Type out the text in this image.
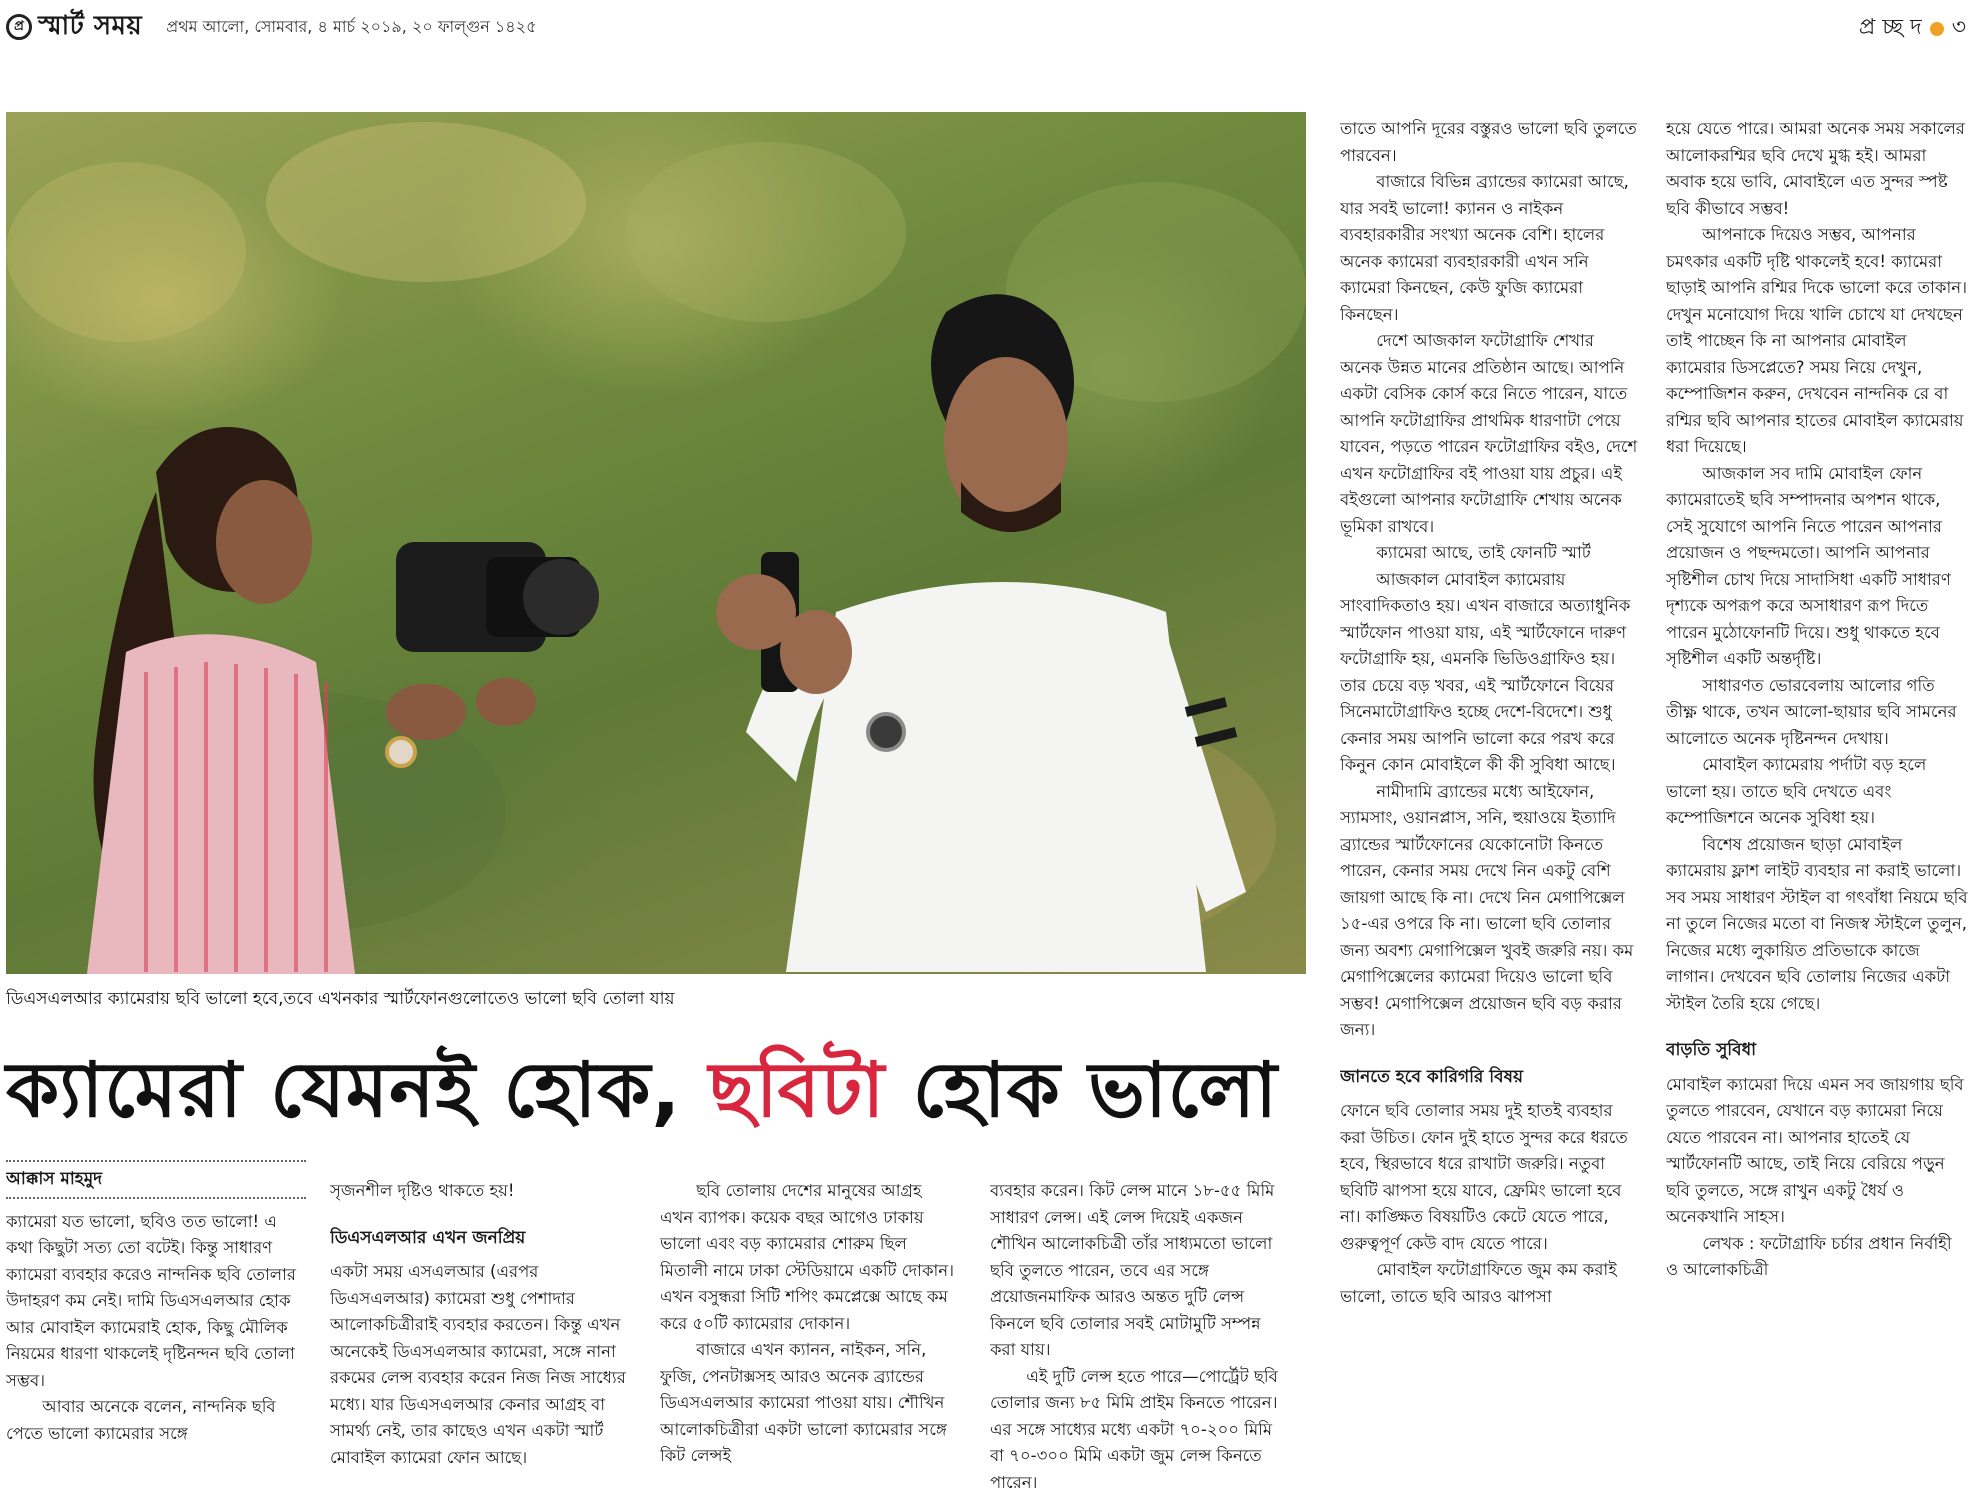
প্র স্মার্ট সময় প্রথম আলো, সোমবার, ৪ মার্চ ২০১৯, ২০ ফাল্গুন ১৪২৫	প্র চ্ছ দ ৩
ডিএসএলআর ক্যামেরায় ছবি ভালো হবে,তবে এখনকার স্মার্টফোনগুলোতেও ভালো ছবি তোলা যায়
ক্যামেরা যেমনই হোক, ছবিটা হোক ভালো
আক্কাস মাহমুদ

ক্যামেরা যত ভালো, ছবিও তত ভালো! এ কথা কিছুটা সত্য তো বটেই। কিন্তু সাধারণ ক্যামেরা ব্যবহার করেও নান্দনিক ছবি তোলার উদাহরণ কম নেই। দামি ডিএসএলআর হোক আর মোবাইল ক্যামেরাই হোক, কিছু মৌলিক নিয়মের ধারণা থাকলেই দৃষ্টিনন্দন ছবি তোলা সম্ভব।

আবার অনেকে বলেন, নান্দনিক ছবি পেতে ভালো ক্যামেরার সঙ্গে

সৃজনশীল দৃষ্টিও থাকতে হয়!

ডিএসএলআর এখন জনপ্রিয়

একটা সময় এসএলআর (এরপর ডিএসএলআর) ক্যামেরা শুধু পেশাদার আলোকচিত্রীরাই ব্যবহার করতেন। কিন্তু এখন অনেকেই ডিএসএলআর ক্যামেরা, সঙ্গে নানা রকমের লেন্স ব্যবহার করেন নিজ নিজ সাধ্যের মধ্যে। যার ডিএসএলআর কেনার আগ্রহ বা সামর্থ্য নেই, তার কাছেও এখন একটা স্মার্ট মোবাইল ক্যামেরা ফোন আছে।

ছবি তোলায় দেশের মানুষের আগ্রহ এখন ব্যাপক। কয়েক বছর আগেও ঢাকায় ভালো এবং বড় ক্যামেরার শোরুম ছিল মিতালী নামে ঢাকা স্টেডিয়ামে একটি দোকান। এখন বসুন্ধরা সিটি শপিং কমপ্লেক্সে আছে কম করে ৫০টি ক্যামেরার দোকান।

বাজারে এখন ক্যানন, নাইকন, সনি, ফুজি, পেনটাক্সসহ আরও অনেক ব্র্যান্ডের ডিএসএলআর ক্যামেরা পাওয়া যায়। শৌখিন আলোকচিত্রীরা একটা ভালো ক্যামেরার সঙ্গে কিট লেন্সই

ব্যবহার করেন। কিট লেন্স মানে ১৮-৫৫ মিমি সাধারণ লেন্স। এই লেন্স দিয়েই একজন শৌখিন আলোকচিত্রী তাঁর সাধ্যমতো ভালো ছবি তুলতে পারেন, তবে এর সঙ্গে প্রয়োজনমাফিক আরও অন্তত দুটি লেন্স কিনলে ছবি তোলার সবই মোটামুটি সম্পন্ন করা যায়।

এই দুটি লেন্স হতে পারে—পোর্ট্রেট ছবি তোলার জন্য ৮৫ মিমি প্রাইম কিনতে পারেন। এর সঙ্গে সাধ্যের মধ্যে একটা ৭০-২০০ মিমি বা ৭০-৩০০ মিমি একটা জুম লেন্স কিনতে পারেন।

তাতে আপনি দূরের বস্তুরও ভালো ছবি তুলতে পারবেন।

বাজারে বিভিন্ন ব্র্যান্ডের ক্যামেরা আছে, যার সবই ভালো! ক্যানন ও নাইকন ব্যবহারকারীর সংখ্যা অনেক বেশি। হালের অনেক ক্যামেরা ব্যবহারকারী এখন সনি ক্যামেরা কিনছেন, কেউ ফুজি ক্যামেরা কিনছেন।

দেশে আজকাল ফটোগ্রাফি শেখার অনেক উন্নত মানের প্রতিষ্ঠান আছে। আপনি একটা বেসিক কোর্স করে নিতে পারেন, যাতে আপনি ফটোগ্রাফির প্রাথমিক ধারণাটা পেয়ে যাবেন, পড়তে পারেন ফটোগ্রাফির বইও, দেশে এখন ফটোগ্রাফির বই পাওয়া যায় প্রচুর। এই বইগুলো আপনার ফটোগ্রাফি শেখায় অনেক ভূমিকা রাখবে।

ক্যামেরা আছে, তাই ফোনটি স্মার্ট

আজকাল মোবাইল ক্যামেরায় সাংবাদিকতাও হয়। এখন বাজারে অত্যাধুনিক স্মার্টফোন পাওয়া যায়, এই স্মার্টফোনে দারুণ ফটোগ্রাফি হয়, এমনকি ভিডিওগ্রাফিও হয়। তার চেয়ে বড় খবর, এই স্মার্টফোনে বিয়ের সিনেমাটোগ্রাফিও হচ্ছে দেশে-বিদেশে। শুধু কেনার সময় আপনি ভালো করে পরখ করে কিনুন কোন মোবাইলে কী কী সুবিধা আছে।

নামীদামি ব্র্যান্ডের মধ্যে আইফোন, স্যামসাং, ওয়ানপ্লাস, সনি, হুয়াওয়ে ইত্যাদি ব্র্যান্ডের স্মার্টফোনের যেকোনোটা কিনতে পারেন, কেনার সময় দেখে নিন একটু বেশি জায়গা আছে কি না। দেখে নিন মেগাপিক্সেল ১৫-এর ওপরে কি না। ভালো ছবি তোলার জন্য অবশ্য মেগাপিক্সেল খুবই জরুরি নয়। কম মেগাপিক্সেলের ক্যামেরা দিয়েও ভালো ছবি সম্ভব! মেগাপিক্সেল প্রয়োজন ছবি বড় করার জন্য।

জানতে হবে কারিগরি বিষয়

ফোনে ছবি তোলার সময় দুই হাতই ব্যবহার করা উচিত। ফোন দুই হাতে সুন্দর করে ধরতে হবে, স্থিরভাবে ধরে রাখাটা জরুরি। নতুবা ছবিটি ঝাপসা হয়ে যাবে, ফ্রেমিং ভালো হবে না। কাঙ্ক্ষিত বিষয়টিও কেটে যেতে পারে, গুরুত্বপূর্ণ কেউ বাদ যেতে পারে।

মোবাইল ফটোগ্রাফিতে জুম কম করাই ভালো, তাতে ছবি আরও ঝাপসা

হয়ে যেতে পারে। আমরা অনেক সময় সকালের আলোকরশ্মির ছবি দেখে মুগ্ধ হই। আমরা অবাক হয়ে ভাবি, মোবাইলে এত সুন্দর স্পষ্ট ছবি কীভাবে সম্ভব!

আপনাকে দিয়েও সম্ভব, আপনার চমৎকার একটি দৃষ্টি থাকলেই হবে! ক্যামেরা ছাড়াই আপনি রশ্মির দিকে ভালো করে তাকান। দেখুন মনোযোগ দিয়ে খালি চোখে যা দেখছেন তাই পাচ্ছেন কি না আপনার মোবাইল ক্যামেরার ডিসপ্লেতে? সময় নিয়ে দেখুন, কম্পোজিশন করুন, দেখবেন নান্দনিক রে বা রশ্মির ছবি আপনার হাতের মোবাইল ক্যামেরায় ধরা দিয়েছে।

আজকাল সব দামি মোবাইল ফোন ক্যামেরাতেই ছবি সম্পাদনার অপশন থাকে, সেই সুযোগে আপনি নিতে পারেন আপনার প্রয়োজন ও পছন্দমতো। আপনি আপনার সৃষ্টিশীল চোখ দিয়ে সাদাসিধা একটি সাধারণ দৃশ্যকে অপরূপ করে অসাধারণ রূপ দিতে পারেন মুঠোফোনটি দিয়ে। শুধু থাকতে হবে সৃষ্টিশীল একটি অন্তর্দৃষ্টি।

সাধারণত ভোরবেলায় আলোর গতি তীক্ষ্ণ থাকে, তখন আলো-ছায়ার ছবি সামনের আলোতে অনেক দৃষ্টিনন্দন দেখায়।

মোবাইল ক্যামেরায় পর্দাটা বড় হলে ভালো হয়। তাতে ছবি দেখতে এবং কম্পোজিশনে অনেক সুবিধা হয়।

বিশেষ প্রয়োজন ছাড়া মোবাইল ক্যামেরায় ফ্লাশ লাইট ব্যবহার না করাই ভালো। সব সময় সাধারণ স্টাইল বা গৎবাঁধা নিয়মে ছবি না তুলে নিজের মতো বা নিজস্ব স্টাইলে তুলুন, নিজের মধ্যে লুকায়িত প্রতিভাকে কাজে লাগান। দেখবেন ছবি তোলায় নিজের একটা স্টাইল তৈরি হয়ে গেছে।

বাড়তি সুবিধা

মোবাইল ক্যামেরা দিয়ে এমন সব জায়গায় ছবি তুলতে পারবেন, যেখানে বড় ক্যামেরা নিয়ে যেতে পারবেন না। আপনার হাতেই যে স্মার্টফোনটি আছে, তাই নিয়ে বেরিয়ে পড়ুন ছবি তুলতে, সঙ্গে রাখুন একটু ধৈর্য ও অনেকখানি সাহস।

লেখক : ফটোগ্রাফি চর্চার প্রধান নির্বাহী ও আলোকচিত্রী
